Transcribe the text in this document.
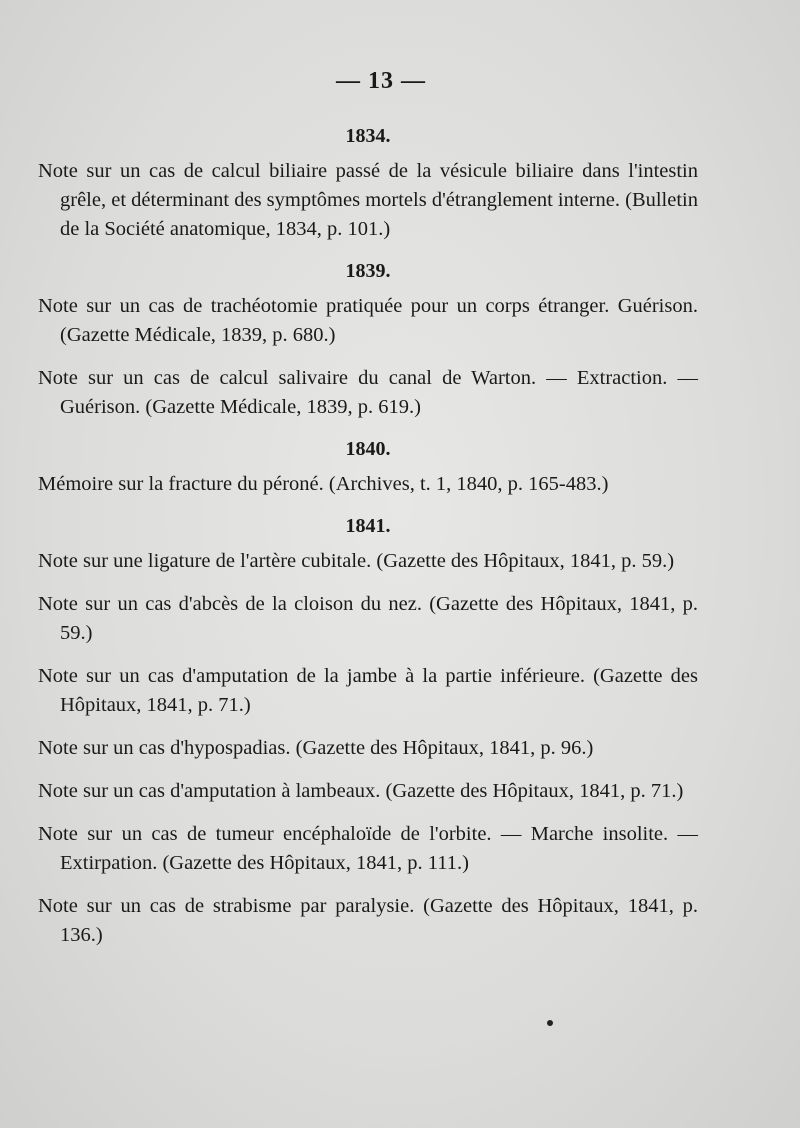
— 13 —
1834.
Note sur un cas de calcul biliaire passé de la vésicule biliaire dans l'intestin grêle, et déterminant des symptômes mortels d'étranglement interne. (Bulletin de la Société anatomique, 1834, p. 101.)
1839.
Note sur un cas de trachéotomie pratiquée pour un corps étranger. Guérison. (Gazette Médicale, 1839, p. 680.)
Note sur un cas de calcul salivaire du canal de Warton. — Extraction. — Guérison. (Gazette Médicale, 1839, p. 619.)
1840.
Mémoire sur la fracture du péroné. (Archives, t. 1, 1840, p. 165-483.)
1841.
Note sur une ligature de l'artère cubitale. (Gazette des Hôpitaux, 1841, p. 59.)
Note sur un cas d'abcès de la cloison du nez. (Gazette des Hôpitaux, 1841, p. 59.)
Note sur un cas d'amputation de la jambe à la partie inférieure. (Gazette des Hôpitaux, 1841, p. 71.)
Note sur un cas d'hypospadias. (Gazette des Hôpitaux, 1841, p. 96.)
Note sur un cas d'amputation à lambeaux. (Gazette des Hôpitaux, 1841, p. 71.)
Note sur un cas de tumeur encéphaloïde de l'orbite. — Marche insolite. — Extirpation. (Gazette des Hôpitaux, 1841, p. 111.)
Note sur un cas de strabisme par paralysie. (Gazette des Hôpitaux, 1841, p. 136.)
